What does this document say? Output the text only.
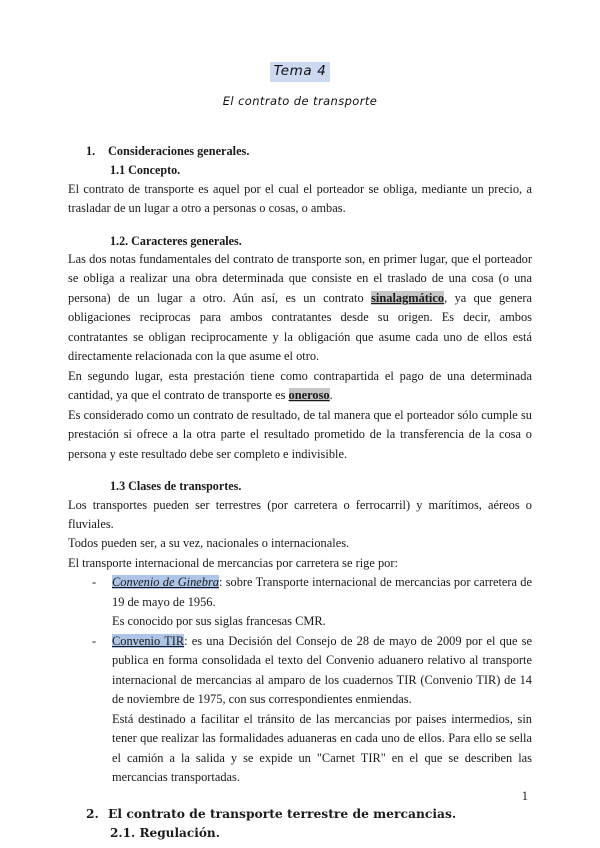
Tema 4
El contrato de transporte
1. Consideraciones generales.
1.1 Concepto.

El contrato de transporte es aquel por el cual el porteador se obliga, mediante un precio, a trasladar de un lugar a otro a personas o cosas, o ambas.

1.2. Caracteres generales.

Las dos notas fundamentales del contrato de transporte son, en primer lugar, que el porteador se obliga a realizar una obra determinada que consiste en el traslado de una cosa (o una persona) de un lugar a otro. Aún así, es un contrato sinalagmático, ya que genera obligaciones reciprocas para ambos contratantes desde su origen. Es decir, ambos contratantes se obligan reciprocamente y la obligación que asume cada uno de ellos está directamente relacionada con la que asume el otro.

En segundo lugar, esta prestación tiene como contrapartida el pago de una determinada cantidad, ya que el contrato de transporte es oneroso.

Es considerado como un contrato de resultado, de tal manera que el porteador sólo cumple su prestación si ofrece a la otra parte el resultado prometido de la transferencia de la cosa o persona y este resultado debe ser completo e indivisible.

1.3 Clases de transportes.

Los transportes pueden ser terrestres (por carretera o ferrocarril) y marítimos, aéreos o fluviales.

Todos pueden ser, a su vez, nacionales o internacionales.

El transporte internacional de mercancias por carretera se rige por:

-	Convenio de Ginebra: sobre Transporte internacional de mercancias por carretera de 19 de mayo de 1956.
Es conocido por sus siglas francesas CMR.
-	Convenio TIR: es una Decisión del Consejo de 28 de mayo de 2009 por el que se publica en forma consolidada el texto del Convenio aduanero relativo al transporte internacional de mercancias al amparo de los cuadernos TIR (Convenio TIR) de 14 de noviembre de 1975, con sus correspondientes enmiendas.
Está destinado a facilitar el tránsito de las mercancias por paises intermedios, sin tener que realizar las formalidades aduaneras en cada uno de ellos. Para ello se sella el camión a la salida y se expide un "Carnet TIR" en el que se describen las mercancias transportadas.
2. El contrato de transporte terrestre de mercancias.
2.1. Regulación.
1
